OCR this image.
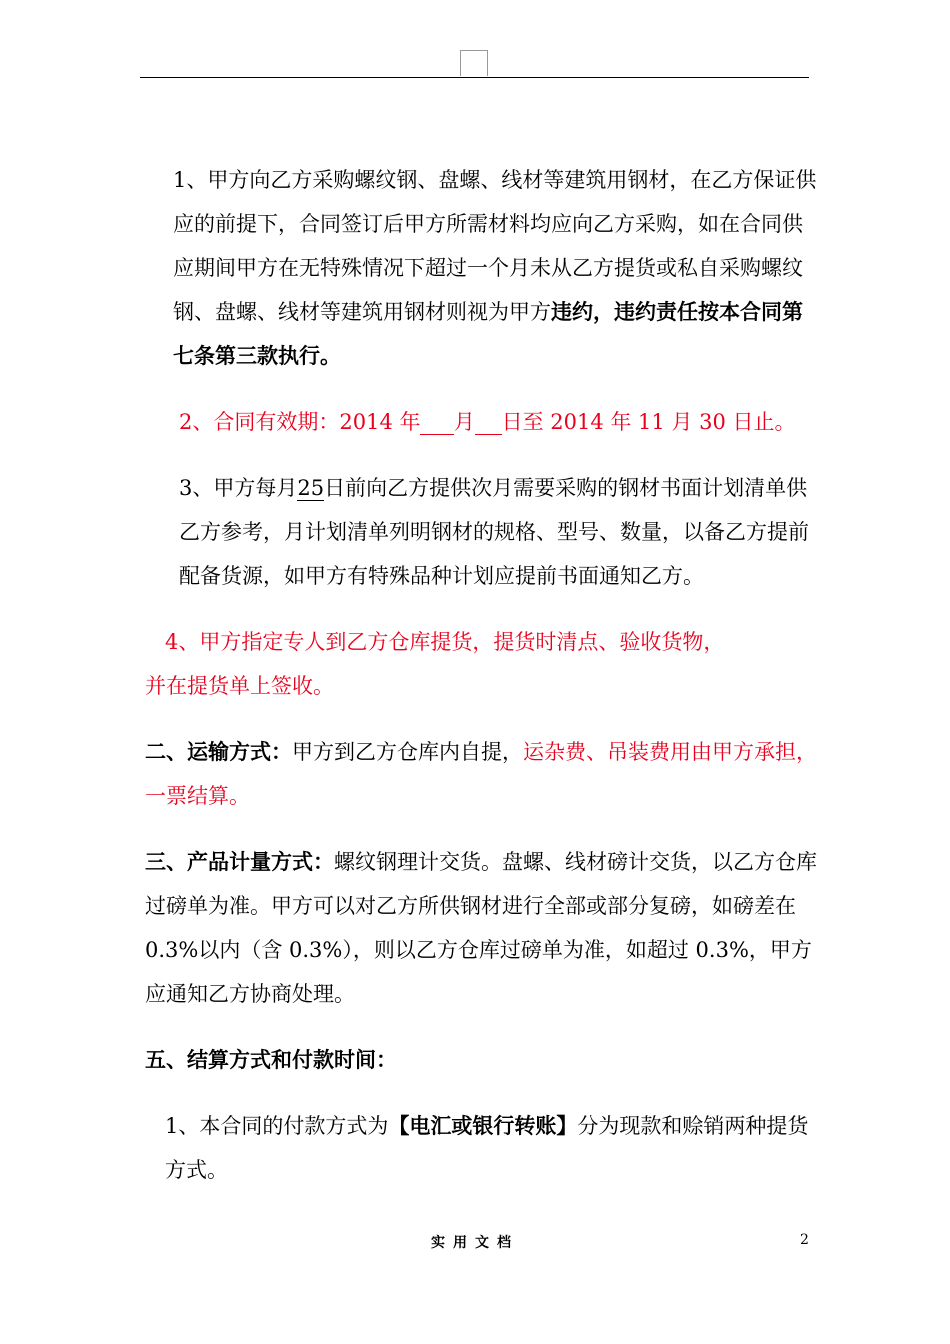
1、甲方向乙方采购螺纹钢、盘螺、线材等建筑用钢材，在乙方保证供应的前提下，合同签订后甲方所需材料均应向乙方采购，如在合同供应期间甲方在无特殊情况下超过一个月未从乙方提货或私自采购螺纹钢、盘螺、线材等建筑用钢材则视为甲方违约，违约责任按本合同第七条第三款执行。

2、合同有效期：2014 年 月 日至 2014 年 11 月 30 日止。

3、甲方每月25日前向乙方提供次月需要采购的钢材书面计划清单供乙方参考，月计划清单列明钢材的规格、型号、数量，以备乙方提前配备货源，如甲方有特殊品种计划应提前书面通知乙方。

4、甲方指定专人到乙方仓库提货，提货时清点、验收货物，
并在提货单上签收。

二、运输方式：甲方到乙方仓库内自提，运杂费、吊装费用由甲方承担，一票结算。

三、产品计量方式：螺纹钢理计交货。盘螺、线材磅计交货，以乙方仓库过磅单为准。甲方可以对乙方所供钢材进行全部或部分复磅，如磅差在 0.3%以内（含 0.3%），则以乙方仓库过磅单为准，如超过 0.3%，甲方应通知乙方协商处理。

五、结算方式和付款时间：

1、本合同的付款方式为【电汇或银行转账】分为现款和赊销两种提货方式。

实用文档	2
